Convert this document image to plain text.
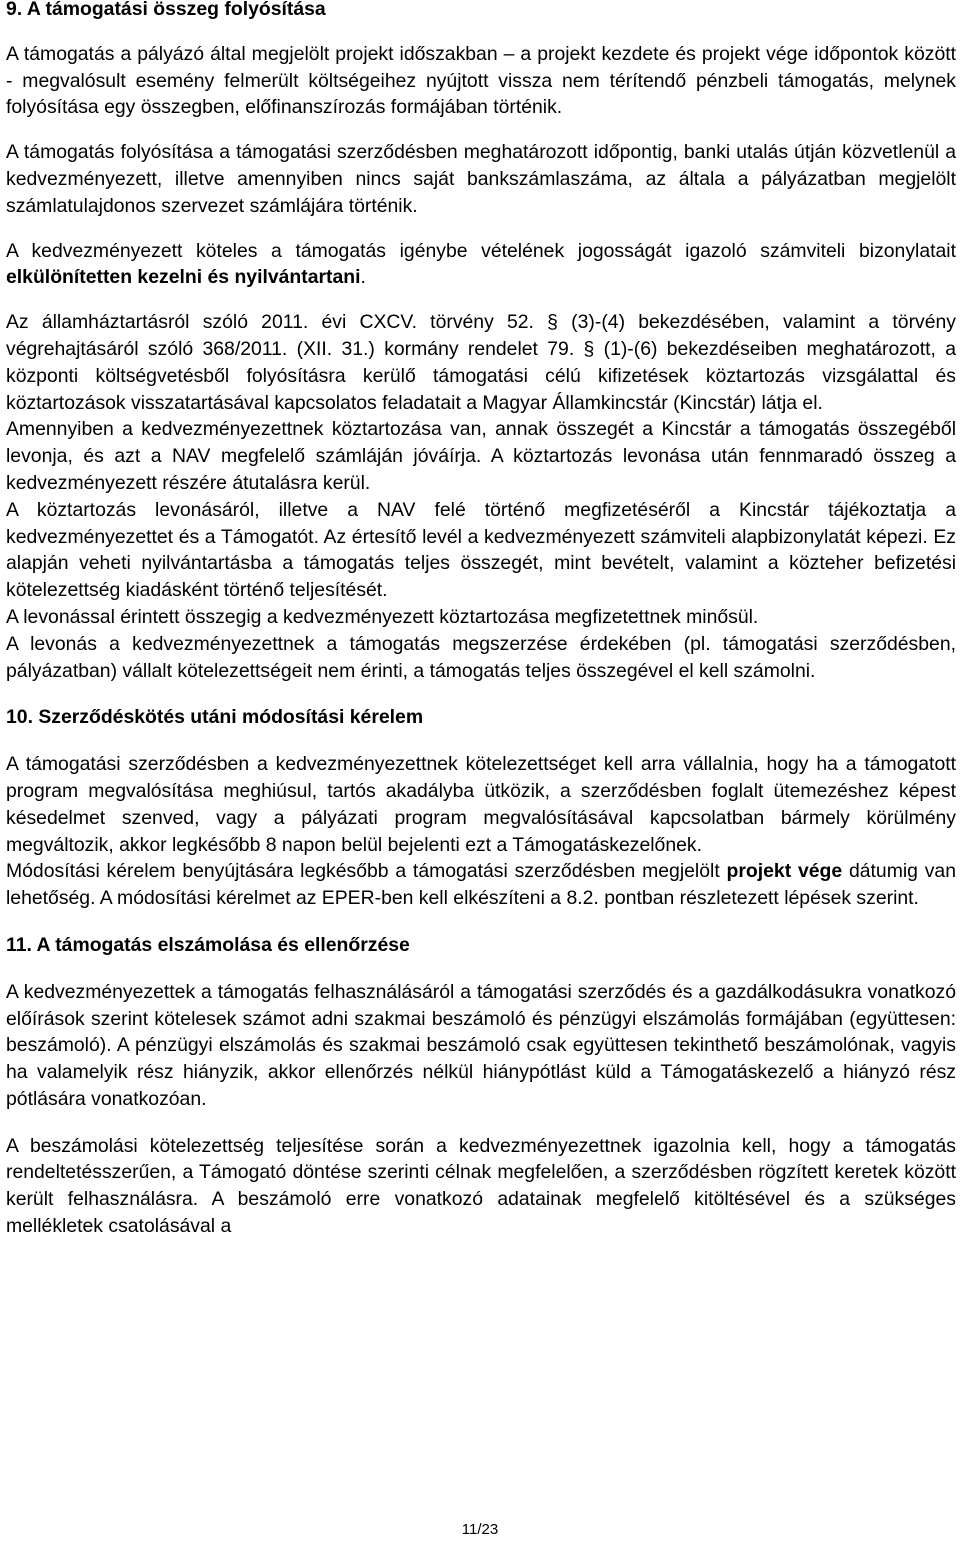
9. A támogatási összeg folyósítása

A támogatás a pályázó által megjelölt projekt időszakban – a projekt kezdete és projekt vége időpontok között - megvalósult esemény felmerült költségeihez nyújtott vissza nem térítendő pénzbeli támogatás, melynek folyósítása egy összegben, előfinanszírozás formájában történik.

A támogatás folyósítása a támogatási szerződésben meghatározott időpontig, banki utalás útján közvetlenül a kedvezményezett, illetve amennyiben nincs saját bankszámlaszáma, az általa a pályázatban megjelölt számlatulajdonos szervezet számlájára történik.

A kedvezményezett köteles a támogatás igénybe vételének jogosságát igazoló számviteli bizonylatait elkülönítetten kezelni és nyilvántartani.

Az államháztartásról szóló 2011. évi CXCV. törvény 52. § (3)-(4) bekezdésében, valamint a törvény végrehajtásáról szóló 368/2011. (XII. 31.) kormány rendelet 79. § (1)-(6) bekezdéseiben meghatározott, a központi költségvetésből folyósításra kerülő támogatási célú kifizetések köztartozás vizsgálattal és köztartozások visszatartásával kapcsolatos feladatait a Magyar Államkincstár (Kincstár) látja el.

Amennyiben a kedvezményezettnek köztartozása van, annak összegét a Kincstár a támogatás összegéből levonja, és azt a NAV megfelelő számláján jóváírja. A köztartozás levonása után fennmaradó összeg a kedvezményezett részére átutalásra kerül.

A köztartozás levonásáról, illetve a NAV felé történő megfizetéséről a Kincstár tájékoztatja a kedvezményezettet és a Támogatót. Az értesítő levél a kedvezményezett számviteli alapbizonylatát képezi. Ez alapján veheti nyilvántartásba a támogatás teljes összegét, mint bevételt, valamint a közteher befizetési kötelezettség kiadásként történő teljesítését.

A levonással érintett összegig a kedvezményezett köztartozása megfizetettnek minősül.

A levonás a kedvezményezettnek a támogatás megszerzése érdekében (pl. támogatási szerződésben, pályázatban) vállalt kötelezettségeit nem érinti, a támogatás teljes összegével el kell számolni.

10. Szerződéskötés utáni módosítási kérelem

A támogatási szerződésben a kedvezményezettnek kötelezettséget kell arra vállalnia, hogy ha a támogatott program megvalósítása meghiúsul, tartós akadályba ütközik, a szerződésben foglalt ütemezéshez képest késedelmet szenved, vagy a pályázati program megvalósításával kapcsolatban bármely körülmény megváltozik, akkor legkésőbb 8 napon belül bejelenti ezt a Támogatáskezelőnek.

Módosítási kérelem benyújtására legkésőbb a támogatási szerződésben megjelölt projekt vége dátumig van lehetőség. A módosítási kérelmet az EPER-ben kell elkészíteni a 8.2. pontban részletezett lépések szerint.

11. A támogatás elszámolása és ellenőrzése

A kedvezményezettek a támogatás felhasználásáról a támogatási szerződés és a gazdálkodásukra vonatkozó előírások szerint kötelesek számot adni szakmai beszámoló és pénzügyi elszámolás formájában (együttesen: beszámoló). A pénzügyi elszámolás és szakmai beszámoló csak együttesen tekinthető beszámolónak, vagyis ha valamelyik rész hiányzik, akkor ellenőrzés nélkül hiánypótlást küld a Támogatáskezelő a hiányzó rész pótlására vonatkozóan.

A beszámolási kötelezettség teljesítése során a kedvezményezettnek igazolnia kell, hogy a támogatás rendeltetésszerűen, a Támogató döntése szerinti célnak megfelelően, a szerződésben rögzített keretek között került felhasználásra. A beszámoló erre vonatkozó adatainak megfelelő kitöltésével és a szükséges mellékletek csatolásával a

11/23
